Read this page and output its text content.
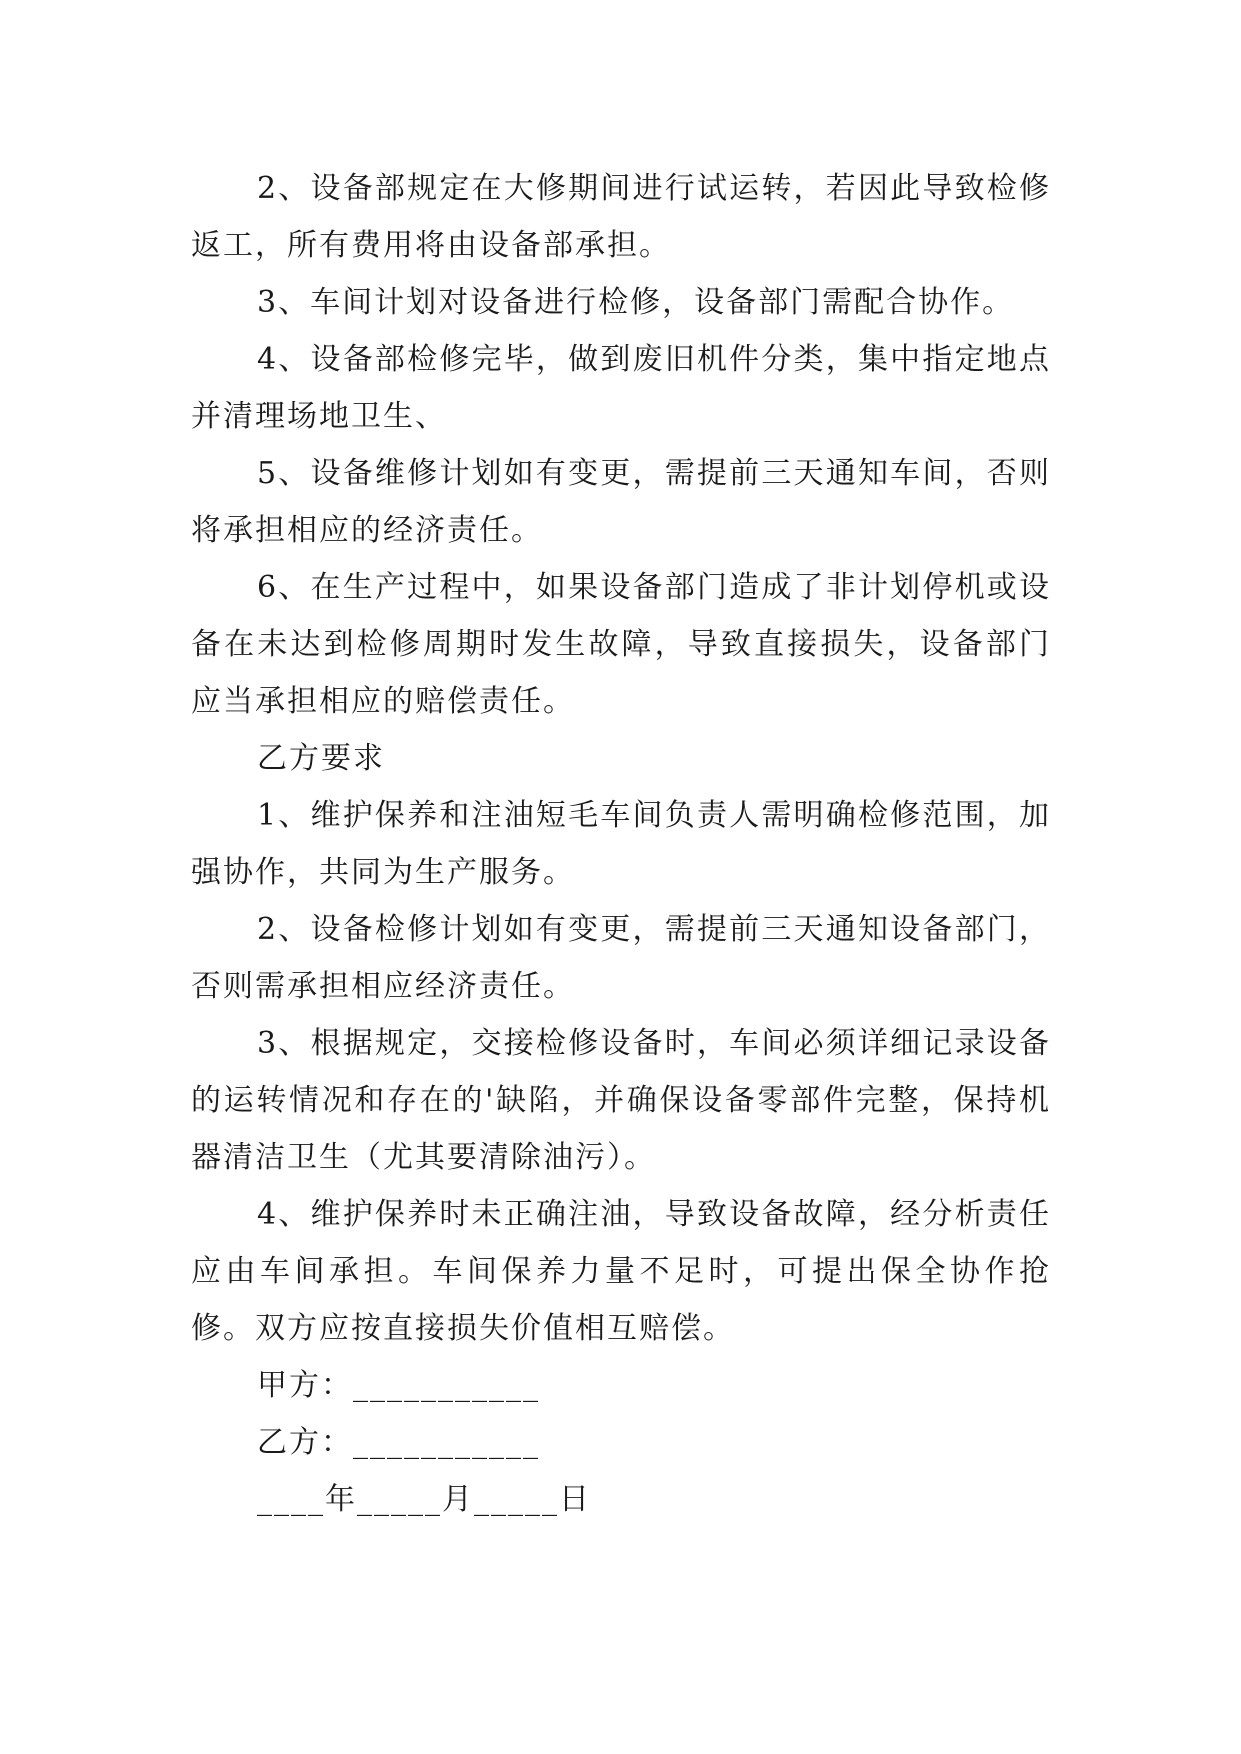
2、设备部规定在大修期间进行试运转，若因此导致检修返工，所有费用将由设备部承担。

3、车间计划对设备进行检修，设备部门需配合协作。

4、设备部检修完毕，做到废旧机件分类，集中指定地点并清理场地卫生、

5、设备维修计划如有变更，需提前三天通知车间，否则将承担相应的经济责任。

6、在生产过程中，如果设备部门造成了非计划停机或设备在未达到检修周期时发生故障，导致直接损失，设备部门应当承担相应的赔偿责任。

乙方要求

1、维护保养和注油短毛车间负责人需明确检修范围，加强协作，共同为生产服务。

2、设备检修计划如有变更，需提前三天通知设备部门，否则需承担相应经济责任。

3、根据规定，交接检修设备时，车间必须详细记录设备的运转情况和存在的'缺陷，并确保设备零部件完整，保持机器清洁卫生（尤其要清除油污）。

4、维护保养时未正确注油，导致设备故障，经分析责任应由车间承担。车间保养力量不足时，可提出保全协作抢修。双方应按直接损失价值相互赔偿。

甲方：___________

乙方：___________

____年_____月_____日
